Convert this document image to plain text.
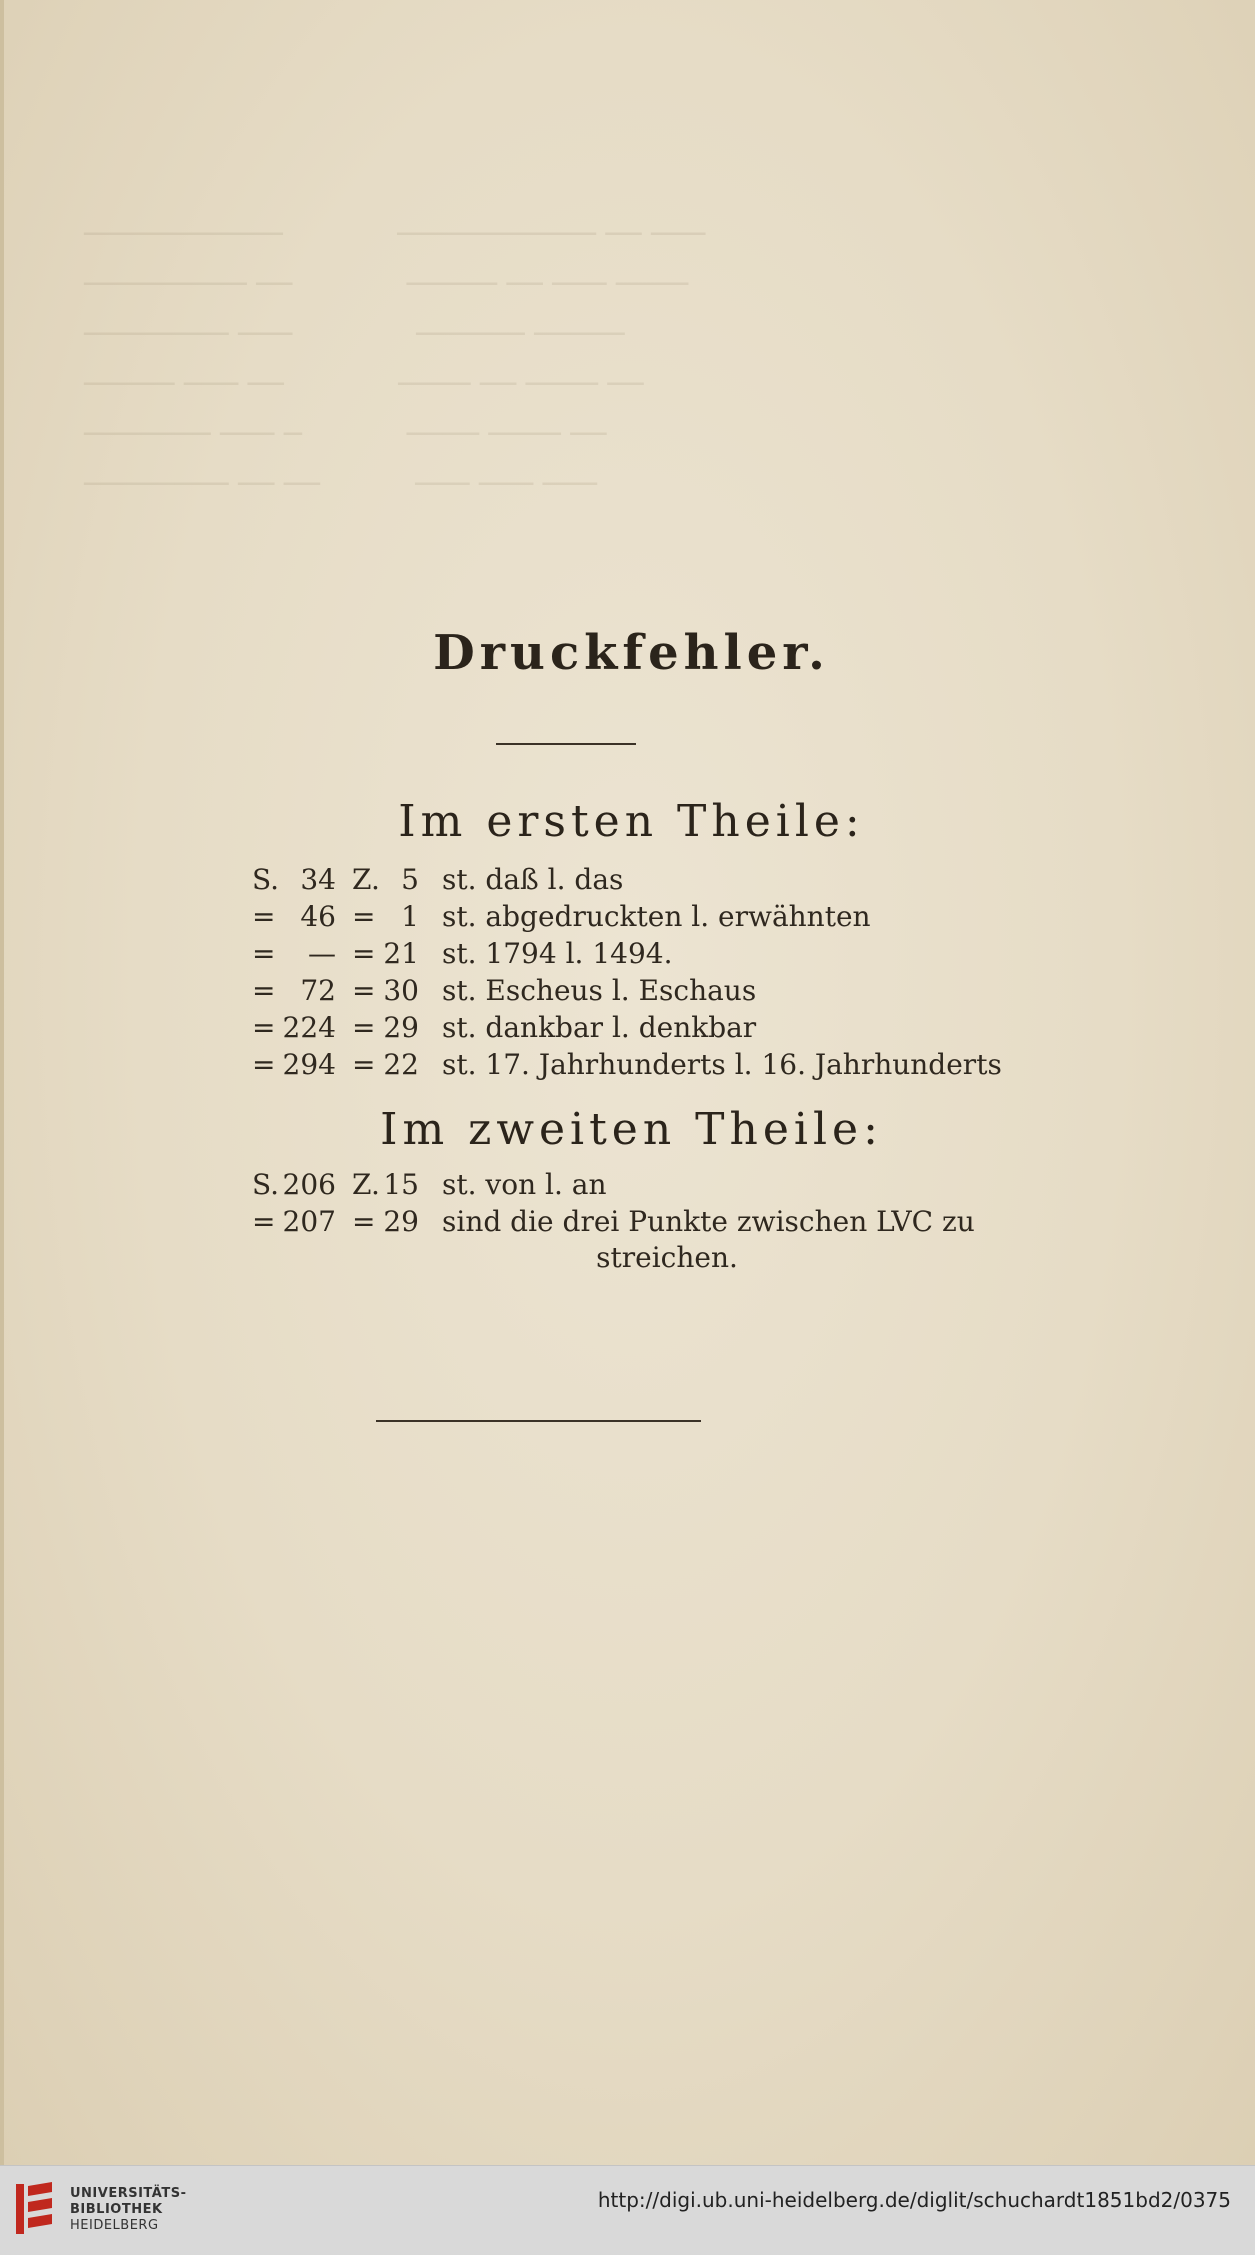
───────────            ─────────── ── ───
───────── ──            ───── ── ─── ────
──────── ───             ────── ─────
───── ─── ──            ──── ── ──── ──
─────── ─── ─           ──── ──── ──
──────── ── ──          ─── ─── ───
Druckfehler.
Im ersten Theile:
S. 34 Z. 5 st. daß l. das
= 46 = 1 st. abgedruckten l. erwähnten
=	— = 21 st. 1794 l. 1494.
= 72 = 30 st. Escheus l. Eschaus
= 224 = 29 st. dankbar l. denkbar
= 294 = 22 st. 17. Jahrhunderts l. 16. Jahrhunderts
Im zweiten Theile:
S. 206 Z. 15 st. von l. an
= 207 = 29 sind die drei Punkte zwischen LVC zu
streichen.
UNIVERSITÄTS-
BIBLIOTHEK
HEIDELBERG
http://digi.ub.uni-heidelberg.de/diglit/schuchardt1851bd2/0375
